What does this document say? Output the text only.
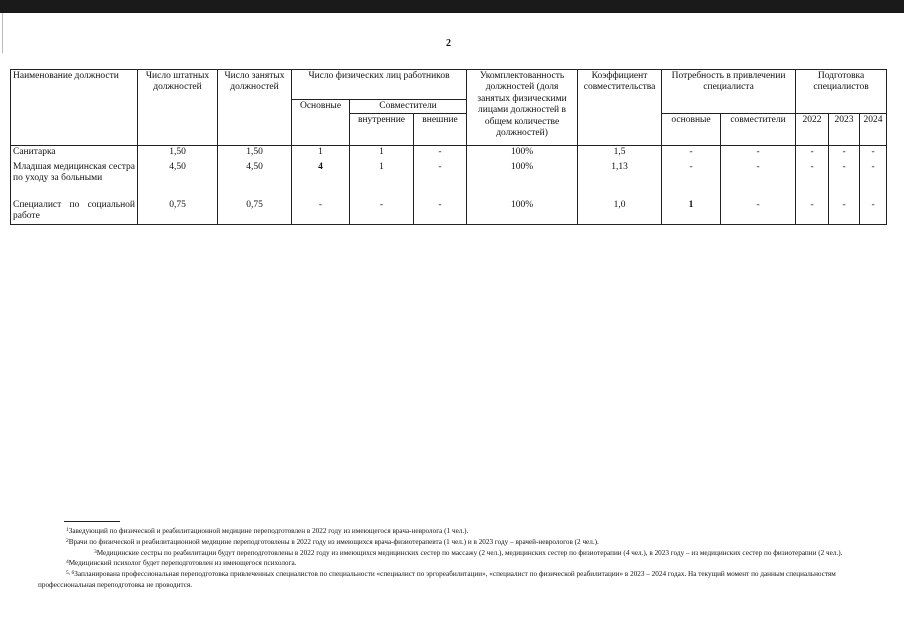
2
Наименование должности	Число штатных должностей	Число занятых должностей	Число физических лиц работников			Укомплектованность должностей (доля занятых физическими лицами должностей в общем количестве должностей)	Коэффициент совместительства	Потребность в привлечении специалиста		Подготовка специалистов		
			Основные	Совместители								
				внутренние	внешние			основные	совместители	2022	2023	2024
Санитарка	1,50	1,50	1	1	-	100%	1,5	-	-	-	-	-
Младшая медицинская сестра по уходу за больными	4,50	4,50	4	1	-	100%	1,13	-	-	-	-	-
Специалист по социальной работе	0,75	0,75	-	-	-	100%	1,0	1	-	-	-	-

$^1$Заведующий по физической и реабилитационной медицине переподготовлен в 2022 году из имеющегося врача-невролога (1 чел.).

$^2$Врачи по физической и реабилитационной медицине переподготовлены в 2022 году из имеющихся врача-физиотерапевта (1 чел.) и в 2023 году – врачей-неврологов (2 чел.).

$^3$Медицинские сестры по реабилитации будут переподготовлены в 2022 году из имеющихся медицинских сестер по массажу (2 чел.), медицинских сестер по физиотерапии (4 чел.), в 2023 году – из медицинских сестер по физиотерапии (2 чел.).

$^4$Медицинский психолог будет переподготовлен из имеющегося психолога.

$^{5, 6}$Запланирована профессиональная переподготовка привлеченных специалистов по специальности «специалист по эргореабилитации», «специалист по физической реабилитации» в 2023 – 2024 годах. На текущий момент по данным специальностям профессиональная переподготовка не проводится.
